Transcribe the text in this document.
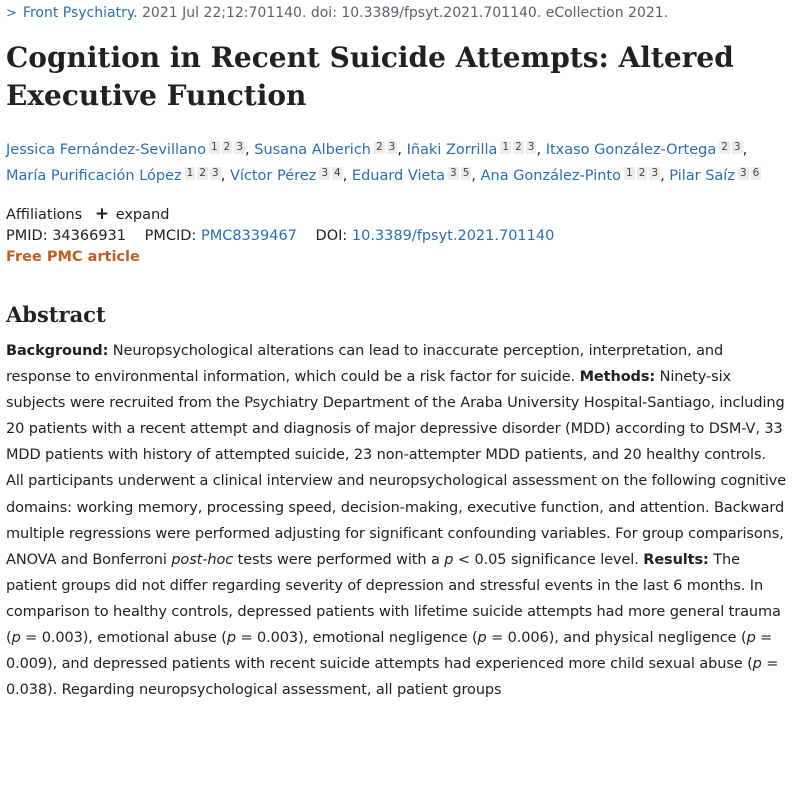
> Front Psychiatry. 2021 Jul 22;12:701140. doi: 10.3389/fpsyt.2021.701140. eCollection 2021.
Cognition in Recent Suicide Attempts: Altered Executive Function
Jessica Fernández-Sevillano 1 2 3 , Susana Alberich 2 3 , Iñaki Zorrilla 1 2 3 , Itxaso González-Ortega 2 3 , María Purificación López 1 2 3 , Víctor Pérez 3 4 , Eduard Vieta 3 5 , Ana González-Pinto 1 2 3 , Pilar Saíz 3 6
Affiliations + expand
PMID: 34366931 PMCID: PMC8339467 DOI: 10.3389/fpsyt.2021.701140
Free PMC article
Abstract
Background: Neuropsychological alterations can lead to inaccurate perception, interpretation, and response to environmental information, which could be a risk factor for suicide. Methods: Ninety-six subjects were recruited from the Psychiatry Department of the Araba University Hospital-Santiago, including 20 patients with a recent attempt and diagnosis of major depressive disorder (MDD) according to DSM-V, 33 MDD patients with history of attempted suicide, 23 non-attempter MDD patients, and 20 healthy controls. All participants underwent a clinical interview and neuropsychological assessment on the following cognitive domains: working memory, processing speed, decision-making, executive function, and attention. Backward multiple regressions were performed adjusting for significant confounding variables. For group comparisons, ANOVA and Bonferroni post-hoc tests were performed with a p < 0.05 significance level. Results: The patient groups did not differ regarding severity of depression and stressful events in the last 6 months. In comparison to healthy controls, depressed patients with lifetime suicide attempts had more general trauma (p = 0.003), emotional abuse (p = 0.003), emotional negligence (p = 0.006), and physical negligence (p = 0.009), and depressed patients with recent suicide attempts had experienced more child sexual abuse (p = 0.038). Regarding neuropsychological assessment, all patient groups
